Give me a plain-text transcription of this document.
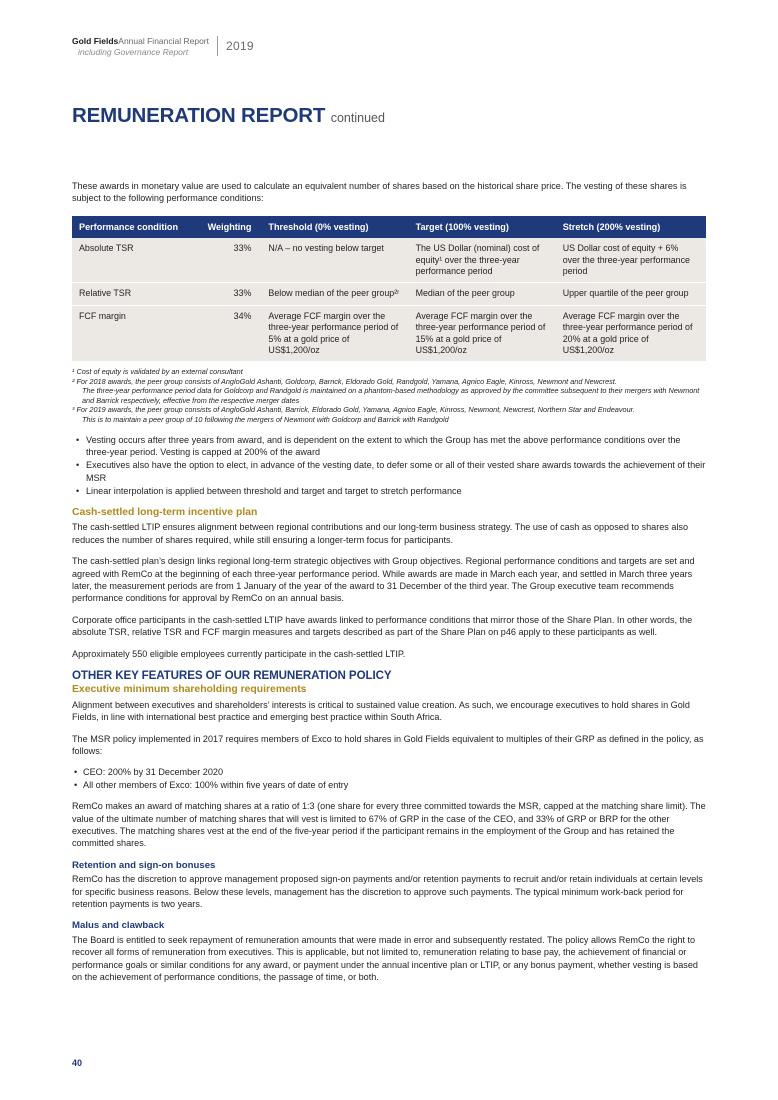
Gold FieldsAnnual Financial Report
including Governance Report	2019
REMUNERATION REPORT continued

These awards in monetary value are used to calculate an equivalent number of shares based on the historical share price. The vesting of these shares is subject to the following performance conditions:

Performance condition	Weighting	Threshold (0% vesting)	Target (100% vesting)	Stretch (200% vesting)
Absolute TSR	33%	N/A – no vesting below target	The US Dollar (nominal) cost of equity¹ over the three-year performance period	US Dollar cost of equity + 6% over the three-year performance period
Relative TSR	33%	Below median of the peer group²ʳ	Median of the peer group	Upper quartile of the peer group
FCF margin	34%	Average FCF margin over the three-year performance period of 5% at a gold price of US$1,200/oz	Average FCF margin over the three-year performance period of 15% at a gold price of US$1,200/oz	Average FCF margin over the three-year performance period of 20% at a gold price of US$1,200/oz
¹ Cost of equity is validated by an external consultant
² For 2018 awards, the peer group consists of AngloGold Ashanti, Goldcorp, Barrick, Eldorado Gold, Randgold, Yamana, Agnico Eagle, Kinross, Newmont and Newcrest.
The three-year performance period data for Goldcorp and Randgold is maintained on a phantom-based methodology as approved by the committee subsequent to their mergers with Newmont and Barrick respectively, effective from the respective merger dates
³ For 2019 awards, the peer group consists of AngloGold Ashanti, Barrick, Eldorado Gold, Yamana, Agnico Eagle, Kinross, Newmont, Newcrest, Northern Star and Endeavour.
This is to maintain a peer group of 10 following the mergers of Newmont with Goldcorp and Barrick with Randgold
• Vesting occurs after three years from award, and is dependent on the extent to which the Group has met the above performance conditions over the three-year period. Vesting is capped at 200% of the award
• Executives also have the option to elect, in advance of the vesting date, to defer some or all of their vested share awards towards the achievement of their MSR
• Linear interpolation is applied between threshold and target and target to stretch performance
Cash-settled long-term incentive plan

The cash-settled LTIP ensures alignment between regional contributions and our long-term business strategy. The use of cash as opposed to shares also reduces the number of shares required, while still ensuring a longer-term focus for participants.

The cash-settled plan’s design links regional long-term strategic objectives with Group objectives. Regional performance conditions and targets are set and agreed with RemCo at the beginning of each three-year performance period. While awards are made in March each year, and settled in March three years later, the measurement periods are from 1 January of the year of the award to 31 December of the third year. The Group executive team recommends performance conditions for approval by RemCo on an annual basis.

Corporate office participants in the cash-settled LTIP have awards linked to performance conditions that mirror those of the Share Plan. In other words, the absolute TSR, relative TSR and FCF margin measures and targets described as part of the Share Plan on p46 apply to these participants as well.

Approximately 550 eligible employees currently participate in the cash-settled LTIP.

OTHER KEY FEATURES OF OUR REMUNERATION POLICY
Executive minimum shareholding requirements

Alignment between executives and shareholders’ interests is critical to sustained value creation. As such, we encourage executives to hold shares in Gold Fields, in line with international best practice and emerging best practice within South Africa.

The MSR policy implemented in 2017 requires members of Exco to hold shares in Gold Fields equivalent to multiples of their GRP as defined in the policy, as follows:

• CEO: 200% by 31 December 2020
• All other members of Exco: 100% within five years of date of entry

RemCo makes an award of matching shares at a ratio of 1:3 (one share for every three committed towards the MSR, capped at the matching share limit). The value of the ultimate number of matching shares that will vest is limited to 67% of GRP in the case of the CEO, and 33% of GRP or BRP for the other executives. The matching shares vest at the end of the five-year period if the participant remains in the employment of the Group and has retained the committed shares.

Retention and sign-on bonuses

RemCo has the discretion to approve management proposed sign-on payments and/or retention payments to recruit and/or retain individuals at certain levels for specific business reasons. Below these levels, management has the discretion to approve such payments. The typical minimum work-back period for retention payments is two years.

Malus and clawback

The Board is entitled to seek repayment of remuneration amounts that were made in error and subsequently restated. The policy allows RemCo the right to recover all forms of remuneration from executives. This is applicable, but not limited to, remuneration relating to base pay, the achievement of financial or performance goals or similar conditions for any award, or payment under the annual incentive plan or LTIP, or any bonus payment, whether vesting is based on the achievement of performance conditions, the passage of time, or both.

40
